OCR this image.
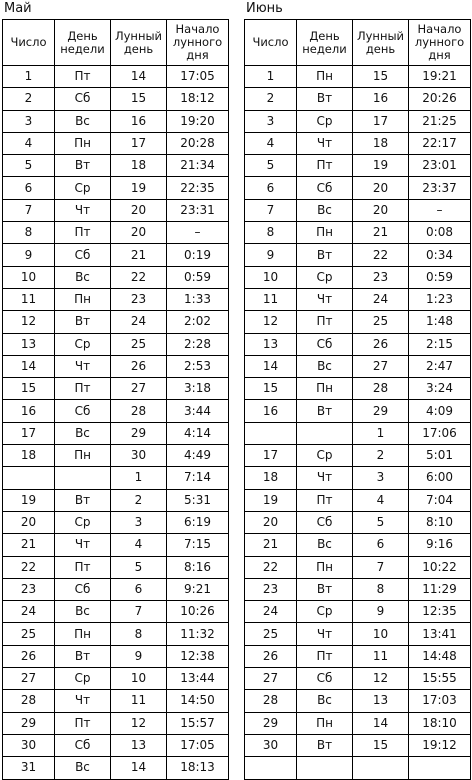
Май
Число	День недели	Лунный день	Начало лунного дня
1	Пт	14	17:05
2	Сб	15	18:12
3	Вс	16	19:20
4	Пн	17	20:28
5	Вт	18	21:34
6	Ср	19	22:35
7	Чт	20	23:31
8	Пт	20	–
9	Сб	21	0:19
10	Вс	22	0:59
11	Пн	23	1:33
12	Вт	24	2:02
13	Ср	25	2:28
14	Чт	26	2:53
15	Пт	27	3:18
16	Сб	28	3:44
17	Вс	29	4:14
18	Пн	30	4:49
		1	7:14
19	Вт	2	5:31
20	Ср	3	6:19
21	Чт	4	7:15
22	Пт	5	8:16
23	Сб	6	9:21
24	Вс	7	10:26
25	Пн	8	11:32
26	Вт	9	12:38
27	Ср	10	13:44
28	Чт	11	14:50
29	Пт	12	15:57
30	Сб	13	17:05
31	Вс	14	18:13
Июнь
Число	День недели	Лунный день	Начало лунного дня
1	Пн	15	19:21
2	Вт	16	20:26
3	Ср	17	21:25
4	Чт	18	22:17
5	Пт	19	23:01
6	Сб	20	23:37
7	Вс	20	–
8	Пн	21	0:08
9	Вт	22	0:34
10	Ср	23	0:59
11	Чт	24	1:23
12	Пт	25	1:48
13	Сб	26	2:15
14	Вс	27	2:47
15	Пн	28	3:24
16	Вт	29	4:09
		1	17:06
17	Ср	2	5:01
18	Чт	3	6:00
19	Пт	4	7:04
20	Сб	5	8:10
21	Вс	6	9:16
22	Пн	7	10:22
23	Вт	8	11:29
24	Ср	9	12:35
25	Чт	10	13:41
26	Пт	11	14:48
27	Сб	12	15:55
28	Вс	13	17:03
29	Пн	14	18:10
30	Вт	15	19:12
